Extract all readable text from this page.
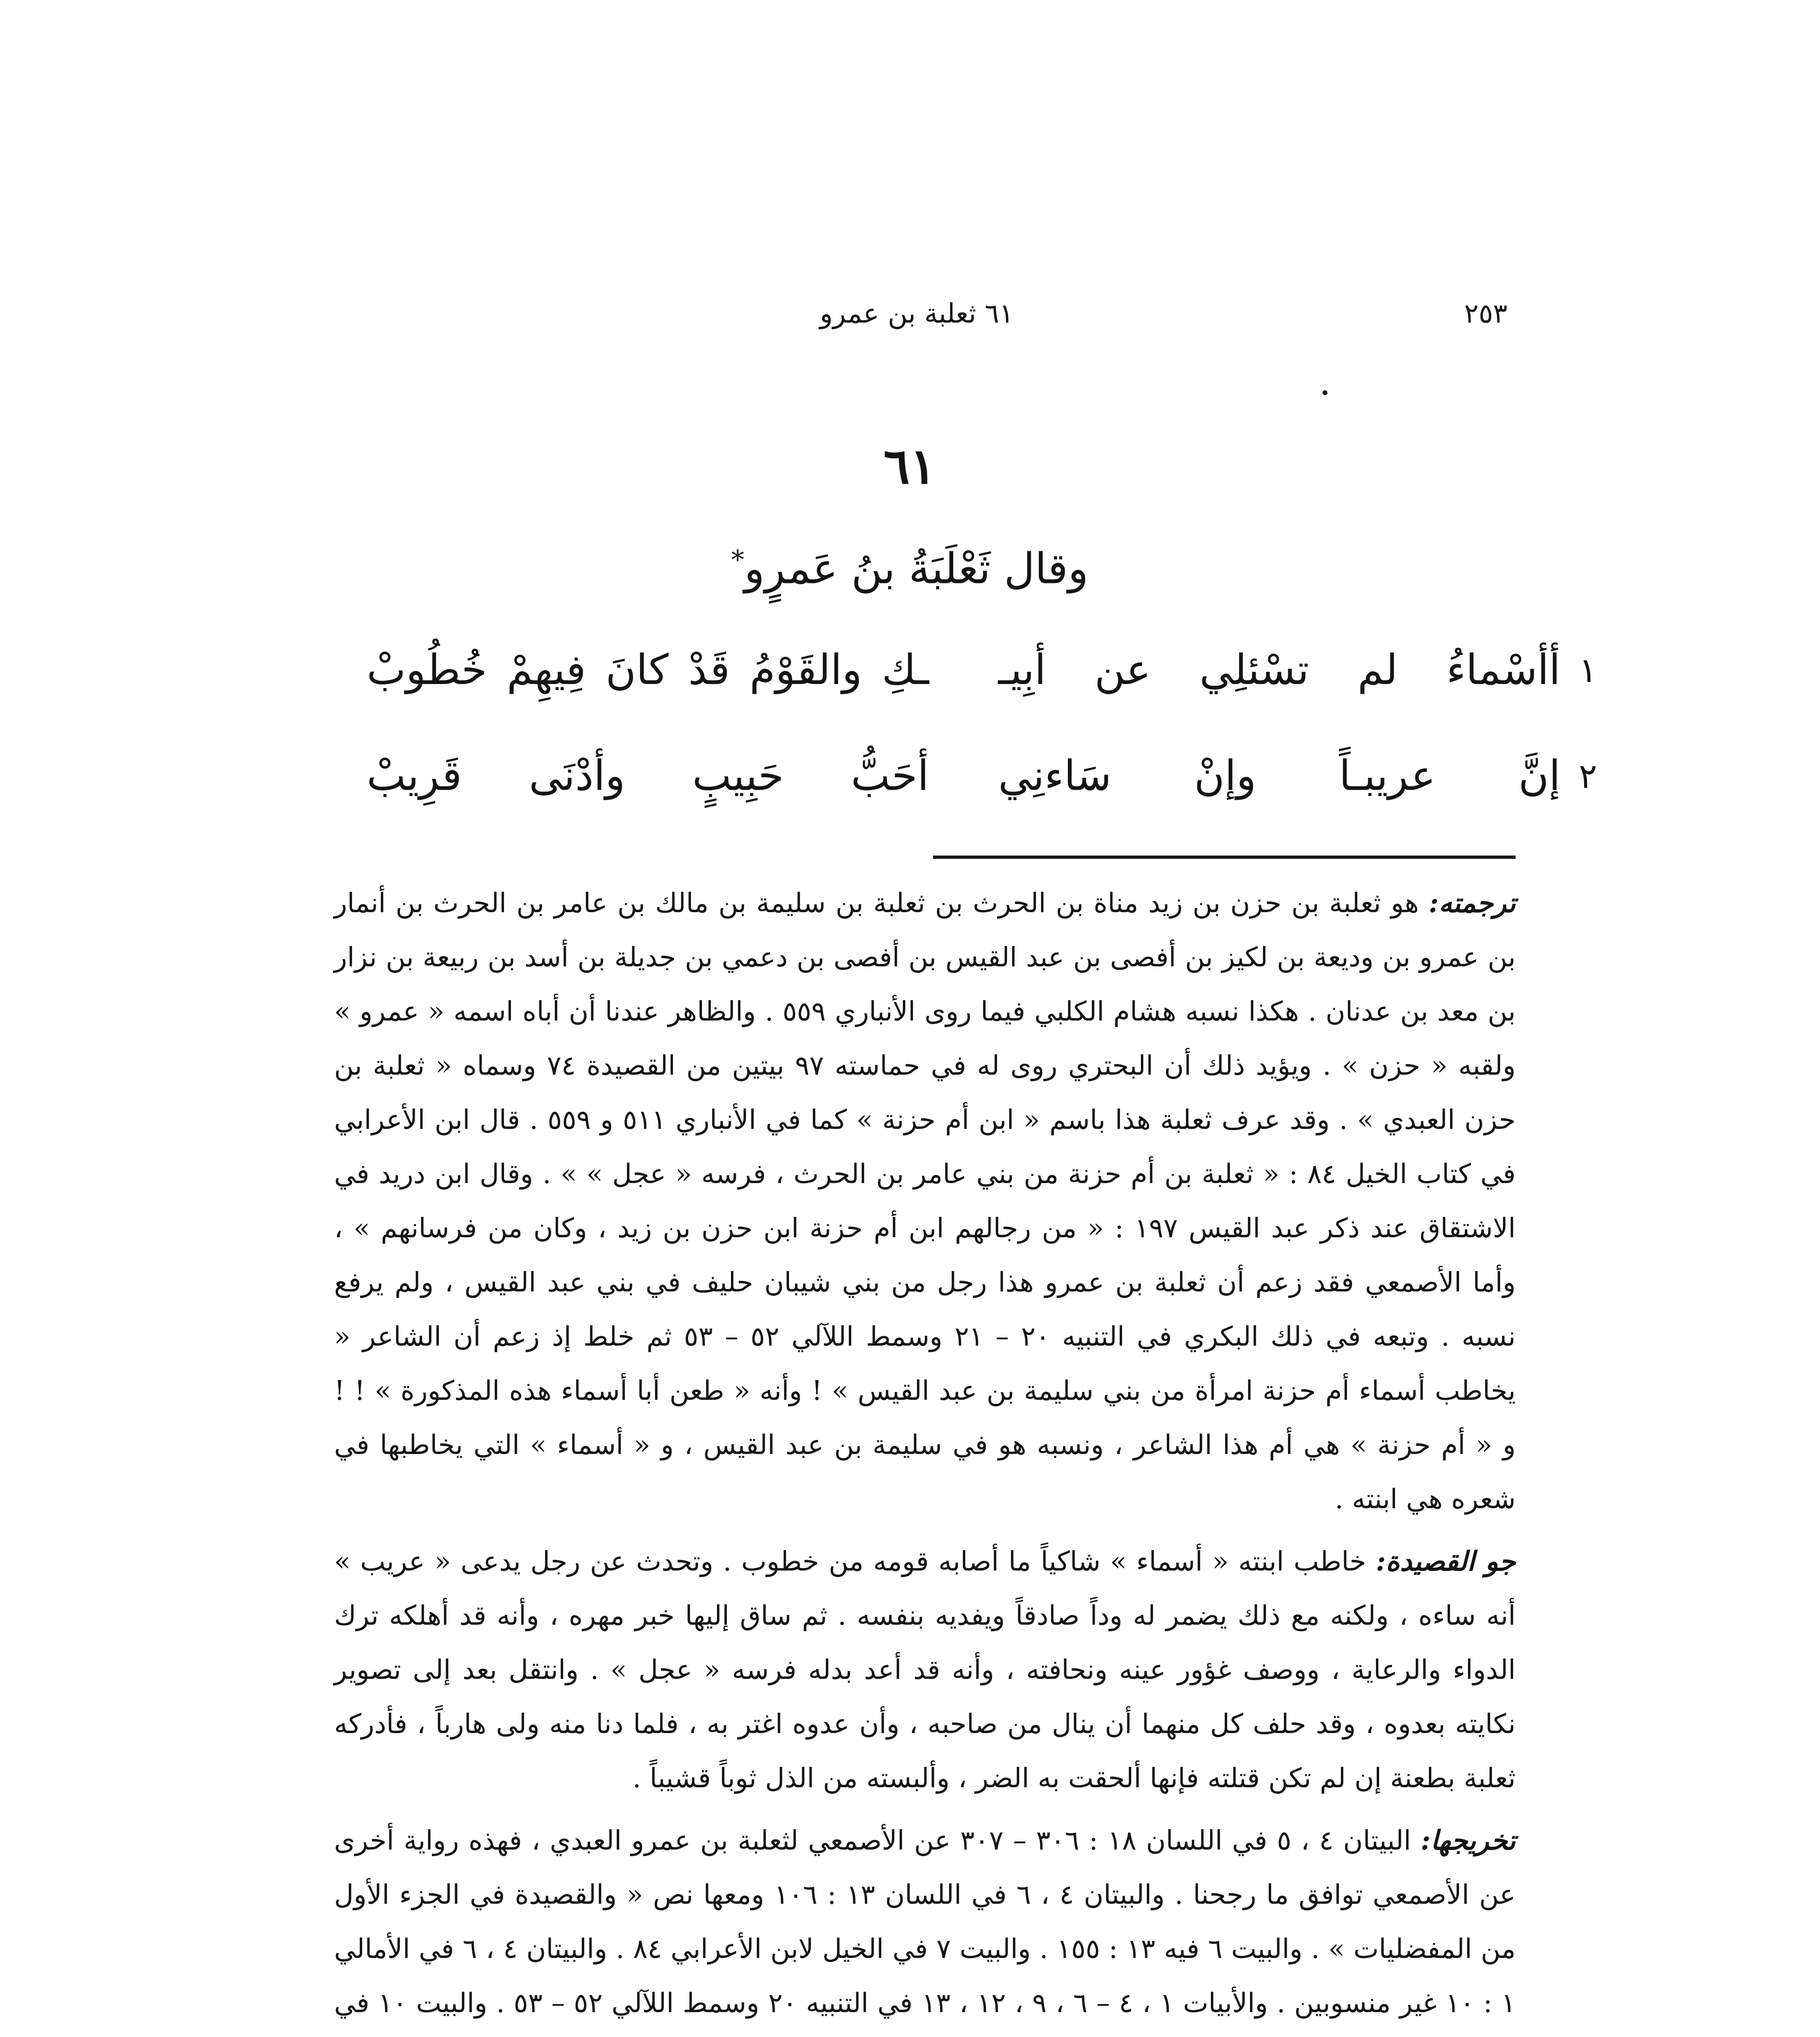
٢٥٣
٦١ ثعلبة بن عمرو
٦١
وقال ثَعْلَبَةُ بنُ عَمرٍو*
١
أأسْماءُ لم تسْئلِي عن أبِيـ
ـكِ والقَوْمُ قَدْ كانَ فِيهِمْ خُطُوبْ
٢
إنَّ عريبـاً وإنْ سَاءنِي
أحَبُّ حَبِيبٍ وأدْنَى قَرِيبْ

ترجمته: هو ثعلبة بن حزن بن زيد مناة بن الحرث بن ثعلبة بن سليمة بن مالك بن عامر بن الحرث بن أنمار بن عمرو بن وديعة بن لكيز بن أفصى بن عبد القيس بن أفصى بن دعمي بن جديلة بن أسد بن ربيعة بن نزار بن معد بن عدنان . هكذا نسبه هشام الكلبي فيما روى الأنباري ٥٥٩ . والظاهر عندنا أن أباه اسمه « عمرو » ولقبه « حزن » . ويؤيد ذلك أن البحتري روى له في حماسته ٩٧ بيتين من القصيدة ٧٤ وسماه « ثعلبة بن حزن العبدي » . وقد عرف ثعلبة هذا باسم « ابن أم حزنة » كما في الأنباري ٥١١ و ٥٥٩ . قال ابن الأعرابي في كتاب الخيل ٨٤ : « ثعلبة بن أم حزنة من بني عامر بن الحرث ، فرسه « عجل » » . وقال ابن دريد في الاشتقاق عند ذكر عبد القيس ١٩٧ : « من رجالهم ابن أم حزنة ابن حزن بن زيد ، وكان من فرسانهم » ، وأما الأصمعي فقد زعم أن ثعلبة بن عمرو هذا رجل من بني شيبان حليف في بني عبد القيس ، ولم يرفع نسبه . وتبعه في ذلك البكري في التنبيه ٢٠ – ٢١ وسمط اللآلي ٥٢ – ٥٣ ثم خلط إذ زعم أن الشاعر « يخاطب أسماء أم حزنة امرأة من بني سليمة بن عبد القيس » ! وأنه « طعن أبا أسماء هذه المذكورة » ! ! و « أم حزنة » هي أم هذا الشاعر ، ونسبه هو في سليمة بن عبد القيس ، و « أسماء » التي يخاطبها في شعره هي ابنته .

جو القصيدة: خاطب ابنته « أسماء » شاكياً ما أصابه قومه من خطوب . وتحدث عن رجل يدعى « عريب » أنه ساءه ، ولكنه مع ذلك يضمر له وداً صادقاً ويفديه بنفسه . ثم ساق إليها خبر مهره ، وأنه قد أهلكه ترك الدواء والرعاية ، ووصف غؤور عينه ونحافته ، وأنه قد أعد بدله فرسه « عجل » . وانتقل بعد إلى تصوير نكايته بعدوه ، وقد حلف كل منهما أن ينال من صاحبه ، وأن عدوه اغتر به ، فلما دنا منه ولى هارباً ، فأدركه ثعلبة بطعنة إن لم تكن قتلته فإنها ألحقت به الضر ، وألبسته من الذل ثوباً قشيباً .

تخريجها: البيتان ٤ ، ٥ في اللسان ١٨ : ٣٠٦ – ٣٠٧ عن الأصمعي لثعلبة بن عمرو العبدي ، فهذه رواية أخرى عن الأصمعي توافق ما رجحنا . والبيتان ٤ ، ٦ في اللسان ١٣ : ١٠٦ ومعها نص « والقصيدة في الجزء الأول من المفضليات » . والبيت ٦ فيه ١٣ : ١٥٥ . والبيت ٧ في الخيل لابن الأعرابي ٨٤ . والبيتان ٤ ، ٦ في الأمالي ١ : ١٠ غير منسوبين . والأبيات ١ ، ٤ – ٦ ، ٩ ، ١٢ ، ١٣ في التنبيه ٢٠ وسمط اللآلي ٥٢ – ٥٣ . والبيت ١٠ في
